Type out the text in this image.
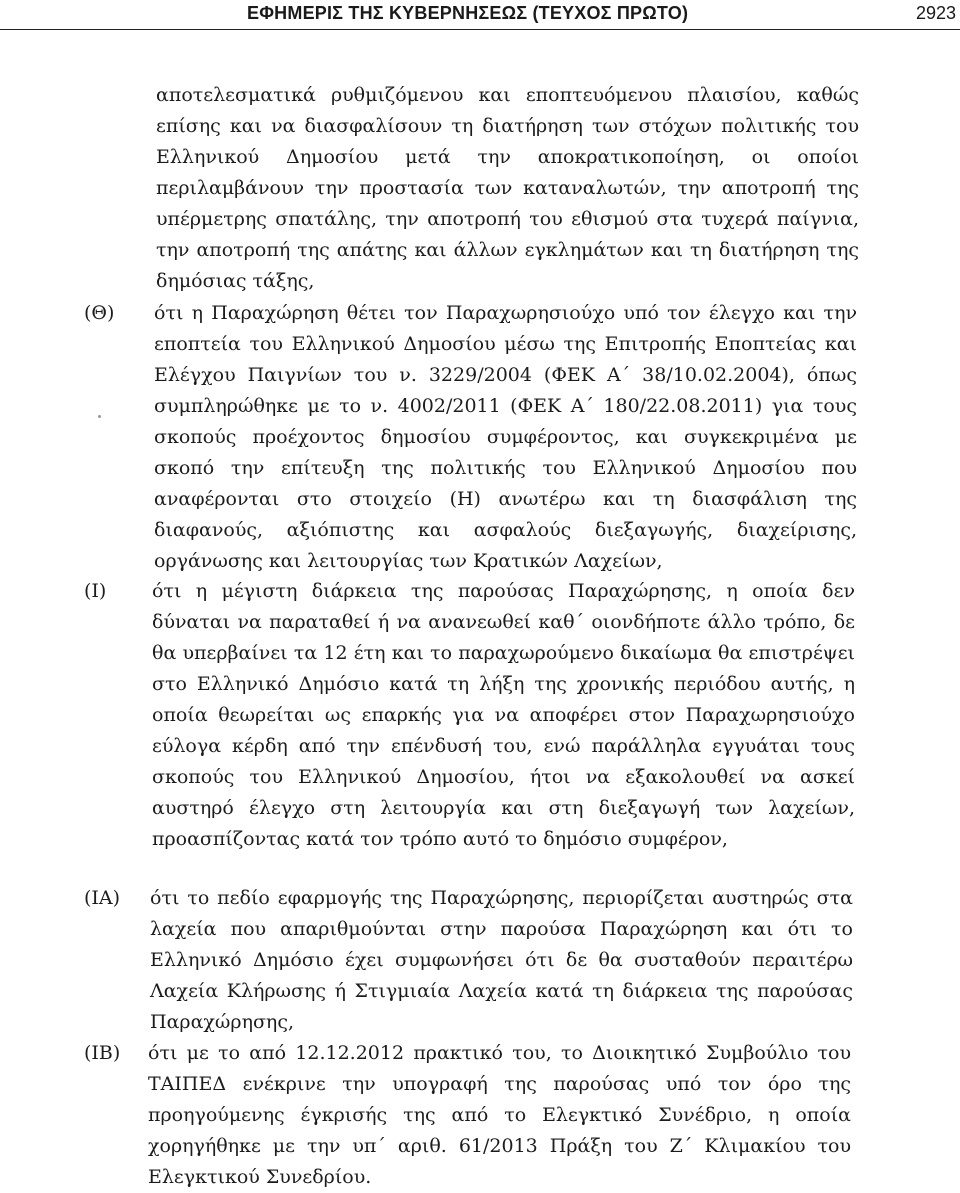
ΕΦΗΜΕΡΙΣ ΤΗΣ ΚΥΒΕΡΝΗΣΕΩΣ (ΤΕΥΧΟΣ ΠΡΩΤΟ)	2923
αποτελεσματικά ρυθμιζόμενου και εποπτευόμενου πλαισίου, καθώς επίσης και να διασφαλίσουν τη διατήρηση των στόχων πολιτικής του Ελληνικού Δημοσίου μετά την αποκρατικοποίηση, οι οποίοι περιλαμβάνουν την προστασία των καταναλωτών, την αποτροπή της υπέρμετρης σπατάλης, την αποτροπή του εθισμού στα τυχερά παίγνια, την αποτροπή της απάτης και άλλων εγκλημάτων και τη διατήρηση της δημόσιας τάξης,
(Θ) ότι η Παραχώρηση θέτει τον Παραχωρησιούχο υπό τον έλεγχο και την εποπτεία του Ελληνικού Δημοσίου μέσω της Επιτροπής Εποπτείας και Ελέγχου Παιγνίων του ν. 3229/2004 (ΦΕΚ Α΄ 38/10.02.2004), όπως συμπληρώθηκε με το ν. 4002/2011 (ΦΕΚ Α΄ 180/22.08.2011) για τους σκοπούς προέχοντος δημοσίου συμφέροντος, και συγκεκριμένα με σκοπό την επίτευξη της πολιτικής του Ελληνικού Δημοσίου που αναφέρονται στο στοιχείο (Η) ανωτέρω και τη διασφάλιση της διαφανούς, αξιόπιστης και ασφαλούς διεξαγωγής, διαχείρισης, οργάνωσης και λειτουργίας των Κρατικών Λαχείων,
(Ι) ότι η μέγιστη διάρκεια της παρούσας Παραχώρησης, η οποία δεν δύναται να παραταθεί ή να ανανεωθεί καθ΄ οιονδήποτε άλλο τρόπο, δε θα υπερβαίνει τα 12 έτη και το παραχωρούμενο δικαίωμα θα επιστρέψει στο Ελληνικό Δημόσιο κατά τη λήξη της χρονικής περιόδου αυτής, η οποία θεωρείται ως επαρκής για να αποφέρει στον Παραχωρησιούχο εύλογα κέρδη από την επένδυσή του, ενώ παράλληλα εγγυάται τους σκοπούς του Ελληνικού Δημοσίου, ήτοι να εξακολουθεί να ασκεί αυστηρό έλεγχο στη λειτουργία και στη διεξαγωγή των λαχείων, προασπίζοντας κατά τον τρόπο αυτό το δημόσιο συμφέρον,
(ΙΑ) ότι το πεδίο εφαρμογής της Παραχώρησης, περιορίζεται αυστηρώς στα λαχεία που απαριθμούνται στην παρούσα Παραχώρηση και ότι το Ελληνικό Δημόσιο έχει συμφωνήσει ότι δε θα συσταθούν περαιτέρω Λαχεία Κλήρωσης ή Στιγμιαία Λαχεία κατά τη διάρκεια της παρούσας Παραχώρησης,
(ΙΒ) ότι με το από 12.12.2012 πρακτικό του, το Διοικητικό Συμβούλιο του ΤΑΙΠΕΔ ενέκρινε την υπογραφή της παρούσας υπό τον όρο της προηγούμενης έγκρισής της από το Ελεγκτικό Συνέδριο, η οποία χορηγήθηκε με την υπ΄ αριθ. 61/2013 Πράξη του Ζ΄ Κλιμακίου του Ελεγκτικού Συνεδρίου.
